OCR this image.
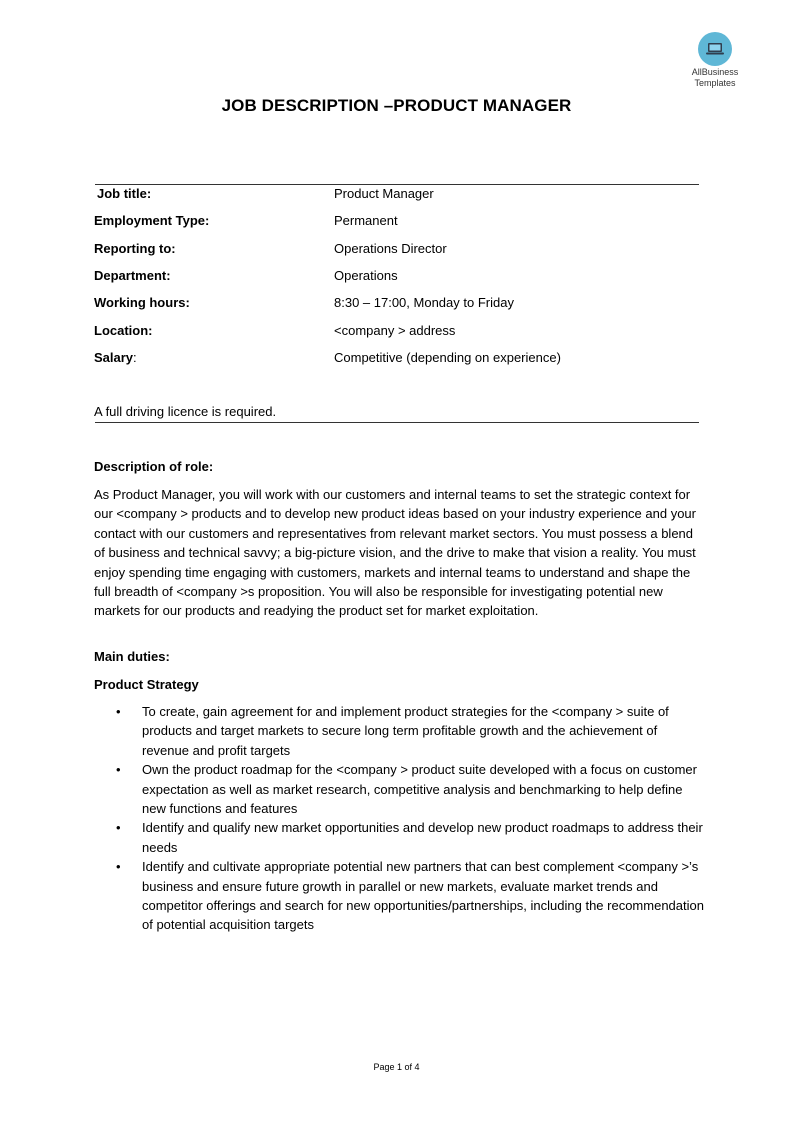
AllBusiness
Templates
JOB DESCRIPTION –PRODUCT MANAGER
Job title:	Product Manager
Employment Type:	Permanent
Reporting to:	Operations Director
Department:	Operations
Working hours:	8:30 – 17:00, Monday to Friday
Location:	<company > address
Salary:	Competitive (depending on experience)
A full driving licence is required.
Description of role:
As Product Manager, you will work with our customers and internal teams to set the strategic context for our <company > products and to develop new product ideas based on your industry experience and your contact with our customers and representatives from relevant market sectors. You must possess a blend of business and technical savvy; a big-picture vision, and the drive to make that vision a reality. You must enjoy spending time engaging with customers, markets and internal teams to understand and shape the full breadth of <company >s proposition. You will also be responsible for investigating potential new markets for our products and readying the product set for market exploitation.
Main duties:
Product Strategy
• To create, gain agreement for and implement product strategies for the <company > suite of products and target markets to secure long term profitable growth and the achievement of revenue and profit targets
• Own the product roadmap for the <company > product suite developed with a focus on customer expectation as well as market research, competitive analysis and benchmarking to help define new functions and features
• Identify and qualify new market opportunities and develop new product roadmaps to address their needs
• Identify and cultivate appropriate potential new partners that can best complement <company >’s business and ensure future growth in parallel or new markets, evaluate market trends and competitor offerings and search for new opportunities/partnerships, including the recommendation of potential acquisition targets
Page 1 of 4
